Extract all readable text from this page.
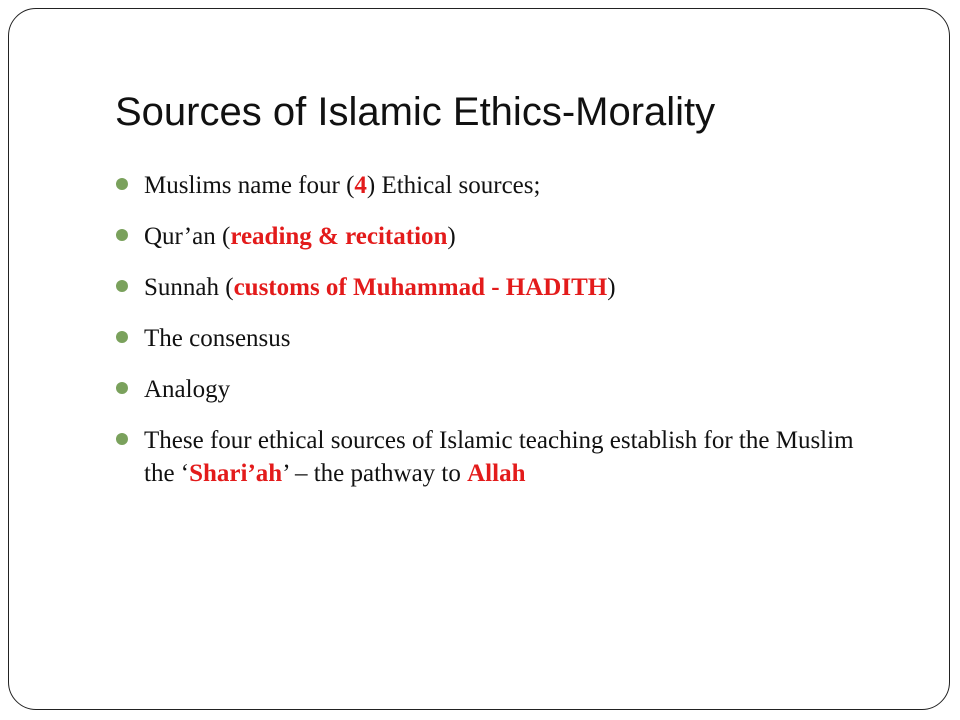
Sources of Islamic Ethics-Morality
Muslims name four (4) Ethical sources;
Qur’an (reading & recitation)
Sunnah (customs of Muhammad - HADITH)
The consensus
Analogy
These four ethical sources of Islamic teaching establish for the Muslim the ‘Shari’ah’ – the pathway to Allah
